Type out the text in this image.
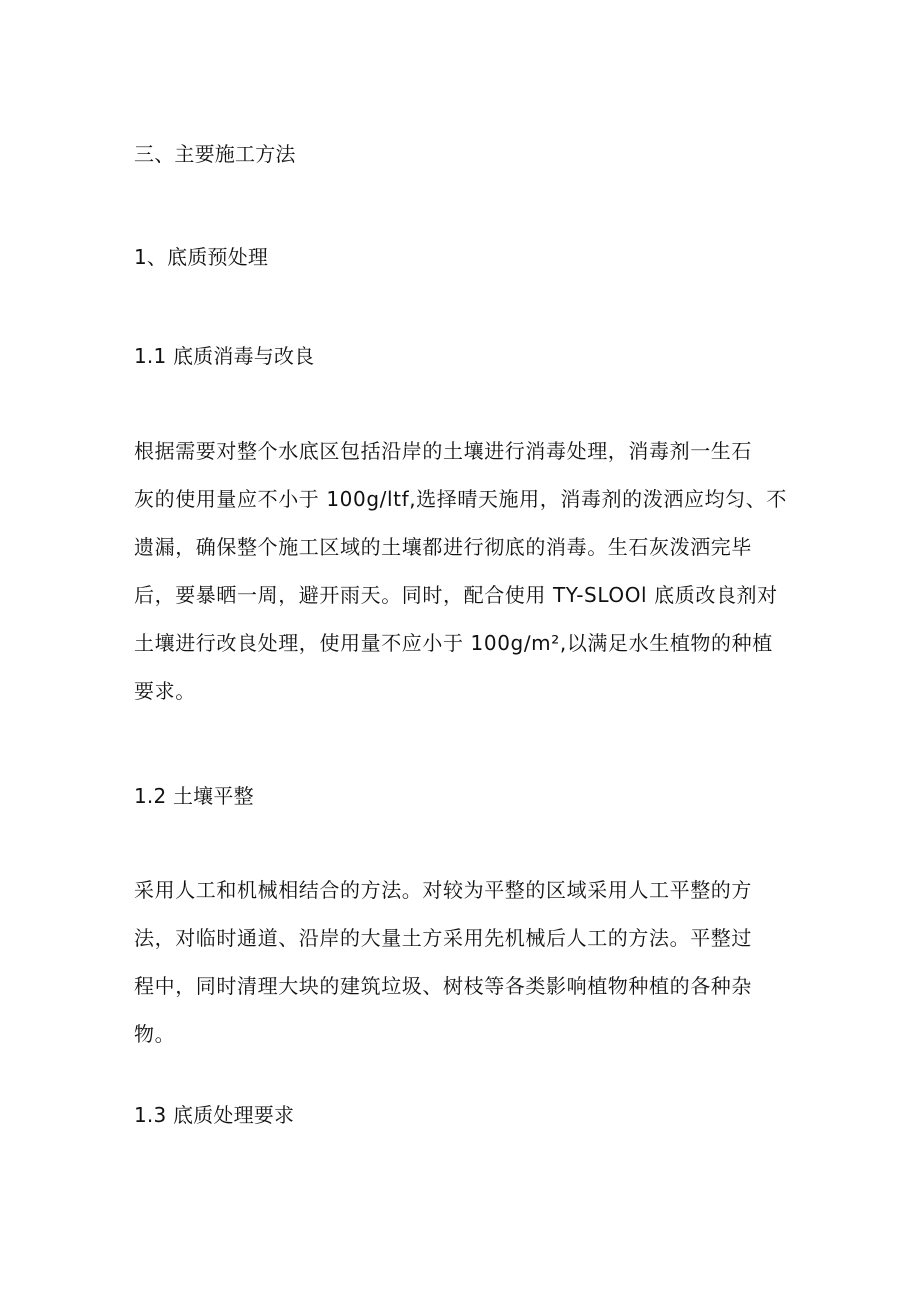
三、主要施工方法
1、底质预处理
1.1 底质消毒与改良
根据需要对整个水底区包括沿岸的土壤进行消毒处理，消毒剂一生石
灰的使用量应不小于 100g/ltf,选择晴天施用，消毒剂的泼洒应均匀、不
遗漏，确保整个施工区域的土壤都进行彻底的消毒。生石灰泼洒完毕
后，要暴晒一周，避开雨天。同时，配合使用 TY-SLOOl 底质改良剂对
土壤进行改良处理，使用量不应小于 100g∕m²,以满足水生植物的种植
要求。
1.2 土壤平整
采用人工和机械相结合的方法。对较为平整的区域采用人工平整的方
法，对临时通道、沿岸的大量土方采用先机械后人工的方法。平整过
程中，同时清理大块的建筑垃圾、树枝等各类影响植物种植的各种杂
物。
1.3 底质处理要求
